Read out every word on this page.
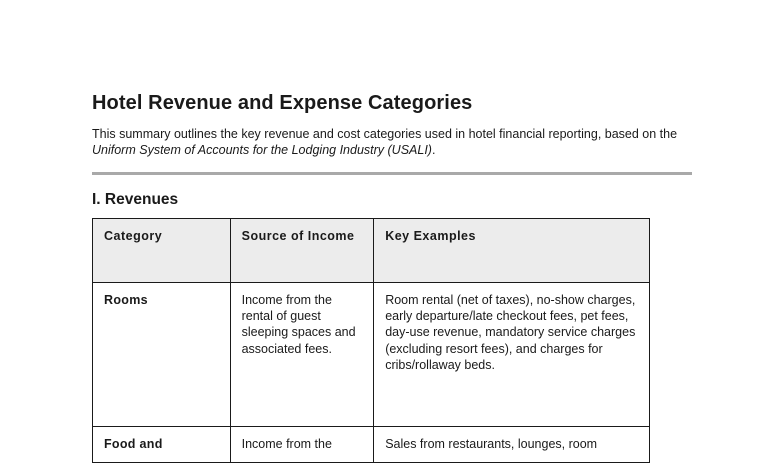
Hotel Revenue and Expense Categories

This summary outlines the key revenue and cost categories used in hotel financial reporting, based on the Uniform System of Accounts for the Lodging Industry (USALI).

I. Revenues
Category	Source of Income	Key Examples
Rooms	Income from the rental of guest sleeping spaces and associated fees.	Room rental (net of taxes), no-show charges, early departure/late checkout fees, pet fees, day-use revenue, mandatory service charges (excluding resort fees), and charges for cribs/rollaway beds.
Food and	Income from the	Sales from restaurants, lounges, room
